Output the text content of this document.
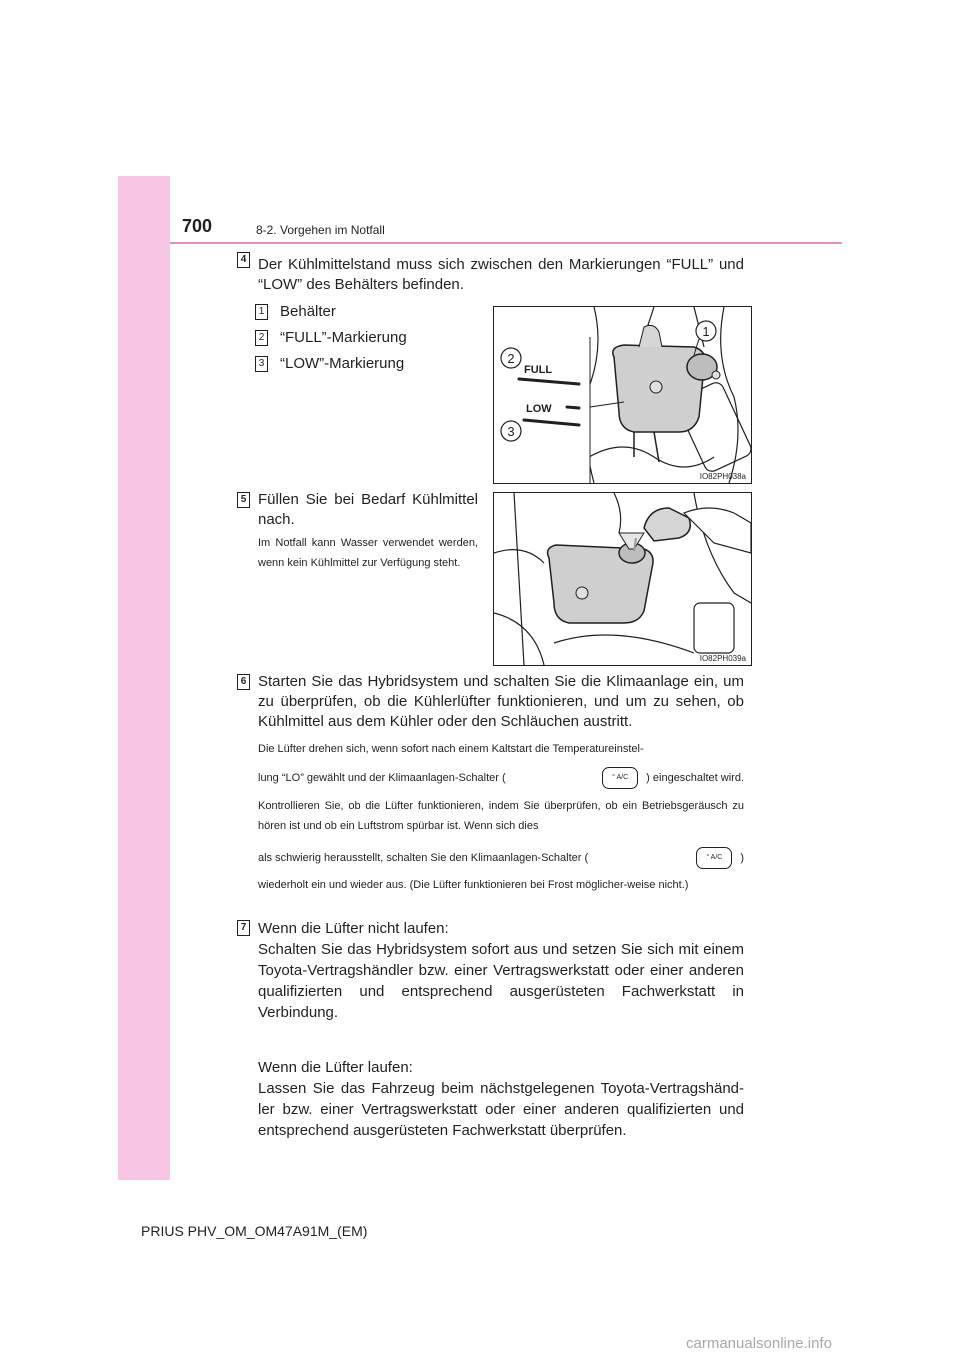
700	8-2. Vorgehen im Notfall
4 Der Kühlmittelstand muss sich zwischen den Markierungen “FULL” und “LOW” des Behälters befinden.
1 Behälter
2 “FULL”-Markierung
3 “LOW”-Markierung	FULL
LOW
2
3
1
IO82PH038a
5 Füllen Sie bei Bedarf Kühlmittel nach.
Im Notfall kann Wasser verwendet werden, wenn kein Kühlmittel zur Verfügung steht.
IO82PH039a
6 Starten Sie das Hybridsystem und schalten Sie die Klimaanlage ein, um zu überprüfen, ob die Kühlerlüfter funktionieren, und um zu sehen, ob Kühlmittel aus dem Kühler oder den Schläuchen austritt.
Die Lüfter drehen sich, wenn sofort nach einem Kaltstart die Temperatureinstel-
lung “LO” gewählt und der Klimaanlagen-Schalter (	° A/C	) eingeschaltet wird.
Kontrollieren Sie, ob die Lüfter funktionieren, indem Sie überprüfen, ob ein Betriebsgeräusch zu hören ist und ob ein Luftstrom spürbar ist. Wenn sich dies
als schwierig herausstellt, schalten Sie den Klimaanlagen-Schalter (	° A/C	)
wiederholt ein und wieder aus. (Die Lüfter funktionieren bei Frost möglicher-weise nicht.)
7 Wenn die Lüfter nicht laufen:
Schalten Sie das Hybridsystem sofort aus und setzen Sie sich mit einem Toyota-Vertragshändler bzw. einer Vertragswerkstatt oder einer anderen qualifizierten und entsprechend ausgerüsteten Fachwerkstatt in Verbindung.
Wenn die Lüfter laufen:
Lassen Sie das Fahrzeug beim nächstgelegenen Toyota-Vertragshänd-ler bzw. einer Vertragswerkstatt oder einer anderen qualifizierten und entsprechend ausgerüsteten Fachwerkstatt überprüfen.
PRIUS PHV_OM_OM47A91M_(EM)
carmanualsonline.info
